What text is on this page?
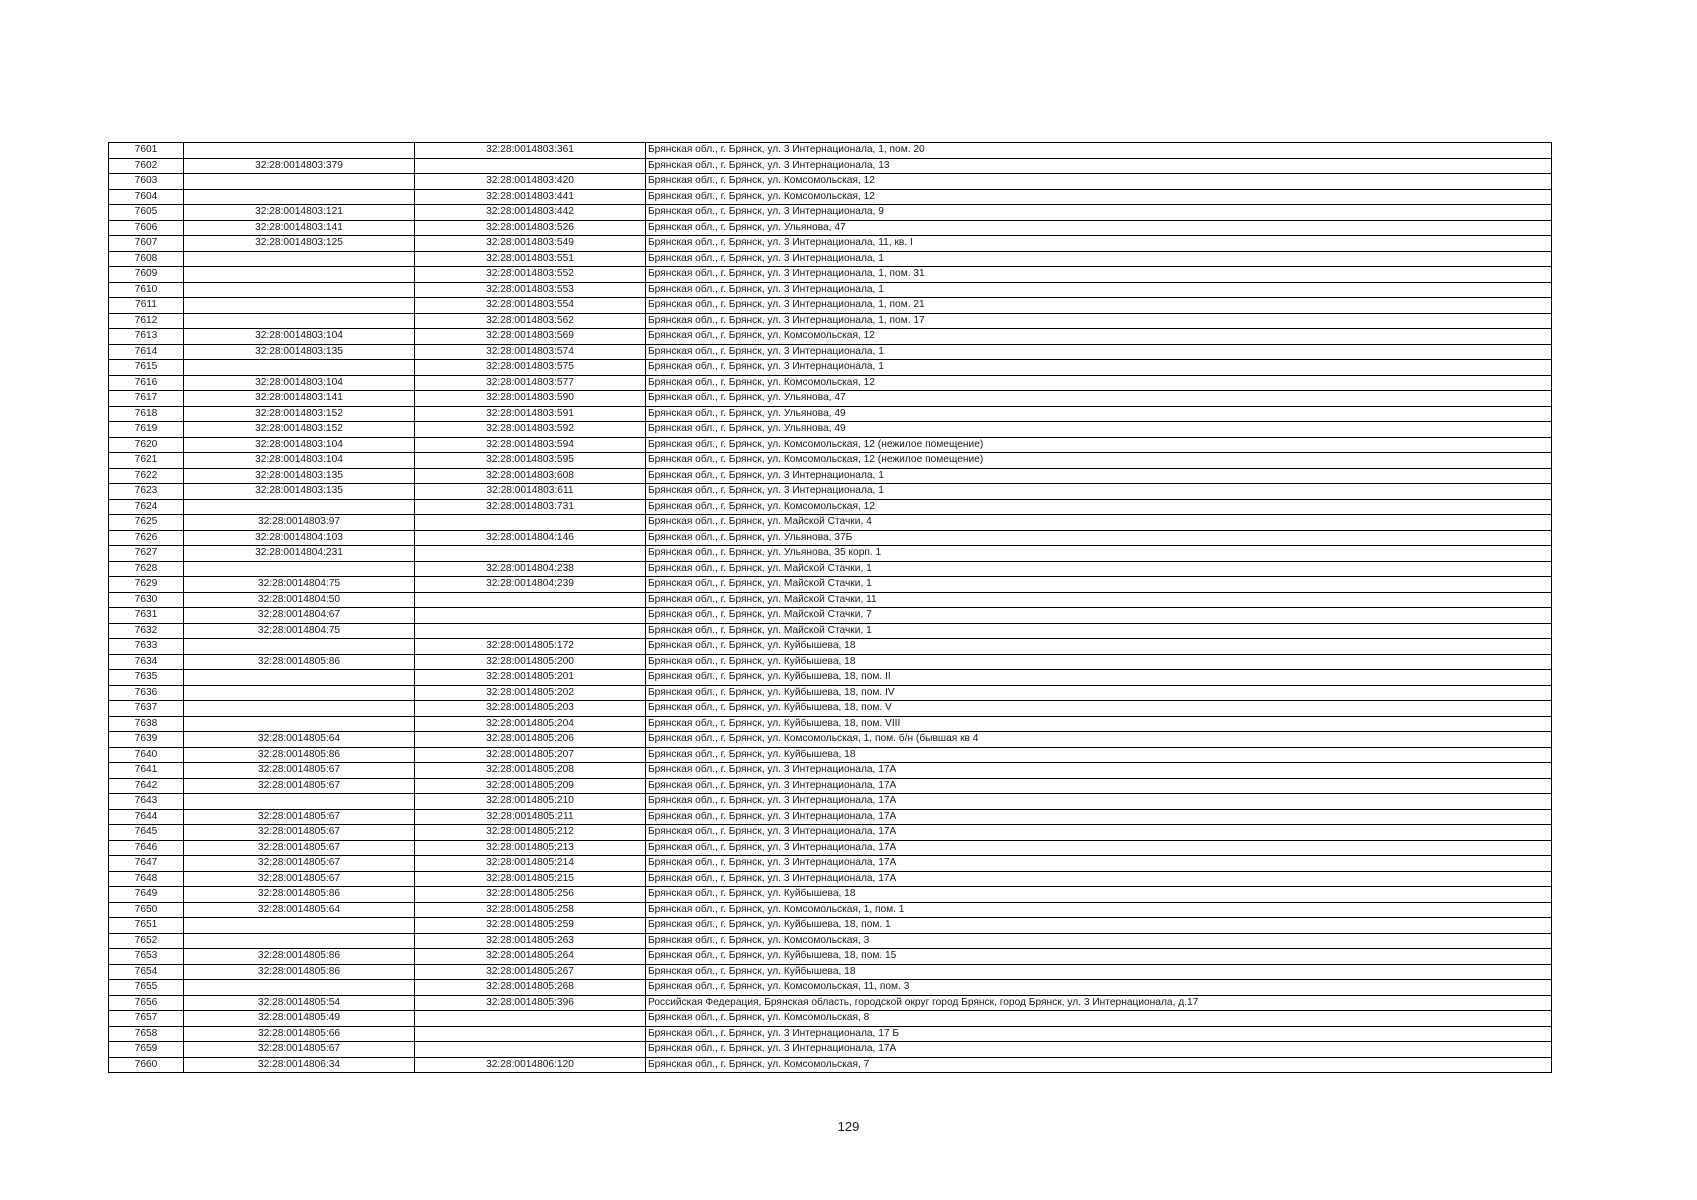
7601		32:28:0014803:361	Брянская обл., г. Брянск, ул. 3 Интернационала, 1, пом. 20
7602	32:28:0014803:379		Брянская обл., г. Брянск, ул. 3 Интернационала, 13
7603		32:28:0014803:420	Брянская обл., г. Брянск, ул. Комсомольская, 12
7604		32:28:0014803:441	Брянская обл., г. Брянск, ул. Комсомольская, 12
7605	32:28:0014803:121	32:28:0014803:442	Брянская обл., г. Брянск, ул. 3 Интернационала, 9
7606	32:28:0014803:141	32:28:0014803:526	Брянская обл., г. Брянск, ул. Ульянова, 47
7607	32:28:0014803:125	32:28:0014803:549	Брянская обл., г. Брянск, ул. 3 Интернационала, 11, кв. I
7608		32:28:0014803:551	Брянская обл., г. Брянск, ул. 3 Интернационала, 1
7609		32:28:0014803:552	Брянская обл., г. Брянск, ул. 3 Интернационала, 1, пом. 31
7610		32:28:0014803:553	Брянская обл., г. Брянск, ул. 3 Интернационала, 1
7611		32:28:0014803:554	Брянская обл., г. Брянск, ул. 3 Интернационала, 1, пом. 21
7612		32:28:0014803:562	Брянская обл., г. Брянск, ул. 3 Интернационала, 1, пом. 17
7613	32:28:0014803:104	32:28:0014803:569	Брянская обл., г. Брянск, ул. Комсомольская, 12
7614	32:28:0014803:135	32:28:0014803:574	Брянская обл., г. Брянск, ул. 3 Интернационала, 1
7615		32:28:0014803:575	Брянская обл., г. Брянск, ул. 3 Интернационала, 1
7616	32:28:0014803:104	32:28:0014803:577	Брянская обл., г. Брянск, ул. Комсомольская, 12
7617	32:28:0014803:141	32:28:0014803:590	Брянская обл., г. Брянск, ул. Ульянова, 47
7618	32:28:0014803:152	32:28:0014803:591	Брянская обл., г. Брянск, ул. Ульянова, 49
7619	32:28:0014803:152	32:28:0014803:592	Брянская обл., г. Брянск, ул. Ульянова, 49
7620	32:28:0014803:104	32:28:0014803:594	Брянская обл., г. Брянск, ул. Комсомольская, 12 (нежилое помещение)
7621	32:28:0014803:104	32:28:0014803:595	Брянская обл., г. Брянск, ул. Комсомольская, 12 (нежилое помещение)
7622	32:28:0014803:135	32:28:0014803:608	Брянская обл., г. Брянск, ул. 3 Интернационала, 1
7623	32:28:0014803:135	32:28:0014803:611	Брянская обл., г. Брянск, ул. 3 Интернационала, 1
7624		32:28:0014803:731	Брянская обл., г. Брянск, ул. Комсомольская, 12
7625	32:28:0014803:97		Брянская обл., г. Брянск, ул. Майской Стачки, 4
7626	32:28:0014804:103	32:28:0014804:146	Брянская обл., г. Брянск, ул. Ульянова, 37Б
7627	32:28:0014804:231		Брянская обл., г. Брянск, ул. Ульянова, 35 корп. 1
7628		32:28:0014804:238	Брянская обл., г. Брянск, ул. Майской Стачки, 1
7629	32:28:0014804:75	32:28:0014804:239	Брянская обл., г. Брянск, ул. Майской Стачки, 1
7630	32:28:0014804:50		Брянская обл., г. Брянск, ул. Майской Стачки, 11
7631	32:28:0014804:67		Брянская обл., г. Брянск, ул. Майской Стачки, 7
7632	32:28:0014804:75		Брянская обл., г. Брянск, ул. Майской Стачки, 1
7633		32:28:0014805:172	Брянская обл., г. Брянск, ул. Куйбышева, 18
7634	32:28:0014805:86	32:28:0014805:200	Брянская обл., г. Брянск, ул. Куйбышева, 18
7635		32:28:0014805:201	Брянская обл., г. Брянск, ул. Куйбышева, 18, пом. II
7636		32:28:0014805:202	Брянская обл., г. Брянск, ул. Куйбышева, 18, пом. IV
7637		32:28:0014805:203	Брянская обл., г. Брянск, ул. Куйбышева, 18, пом. V
7638		32:28:0014805:204	Брянская обл., г. Брянск, ул. Куйбышева, 18, пом. VIII
7639	32:28:0014805:64	32:28:0014805:206	Брянская обл., г. Брянск, ул. Комсомольская, 1, пом. б/н (бывшая кв 4
7640	32:28:0014805:86	32:28:0014805:207	Брянская обл., г. Брянск, ул. Куйбышева, 18
7641	32:28:0014805:67	32:28:0014805:208	Брянская обл., г. Брянск, ул. 3 Интернационала, 17А
7642	32:28:0014805:67	32:28:0014805:209	Брянская обл., г. Брянск, ул. 3 Интернационала, 17А
7643		32:28:0014805:210	Брянская обл., г. Брянск, ул. 3 Интернационала, 17А
7644	32:28:0014805:67	32:28:0014805:211	Брянская обл., г. Брянск, ул. 3 Интернационала, 17А
7645	32:28:0014805:67	32:28:0014805:212	Брянская обл., г. Брянск, ул. 3 Интернационала, 17А
7646	32:28:0014805:67	32:28:0014805:213	Брянская обл., г. Брянск, ул. 3 Интернационала, 17А
7647	32:28:0014805:67	32:28:0014805:214	Брянская обл., г. Брянск, ул. 3 Интернационала, 17А
7648	32:28:0014805:67	32:28:0014805:215	Брянская обл., г. Брянск, ул. 3 Интернационала, 17А
7649	32:28:0014805:86	32:28:0014805:256	Брянская обл., г. Брянск, ул. Куйбышева, 18
7650	32:28:0014805:64	32:28:0014805:258	Брянская обл., г. Брянск, ул. Комсомольская, 1, пом. 1
7651		32:28:0014805:259	Брянская обл., г. Брянск, ул. Куйбышева, 18, пом. 1
7652		32:28:0014805:263	Брянская обл., г. Брянск, ул. Комсомольская, 3
7653	32:28:0014805:86	32:28:0014805:264	Брянская обл., г. Брянск, ул. Куйбышева, 18, пом. 15
7654	32:28:0014805:86	32:28:0014805:267	Брянская обл., г. Брянск, ул. Куйбышева, 18
7655		32:28:0014805:268	Брянская обл., г. Брянск, ул. Комсомольская, 11, пом. 3
7656	32:28:0014805:54	32:28:0014805:396	Российская Федерация, Брянская область, городской округ город Брянск, город Брянск, ул. 3 Интернационала, д.17
7657	32:28:0014805:49		Брянская обл., г. Брянск, ул. Комсомольская, 8
7658	32:28:0014805:66		Брянская обл., г. Брянск, ул. 3 Интернационала, 17 Б
7659	32:28:0014805:67		Брянская обл., г. Брянск, ул. 3 Интернационала, 17А
7660	32:28:0014806:34	32:28:0014806:120	Брянская обл., г. Брянск, ул. Комсомольская, 7
129
